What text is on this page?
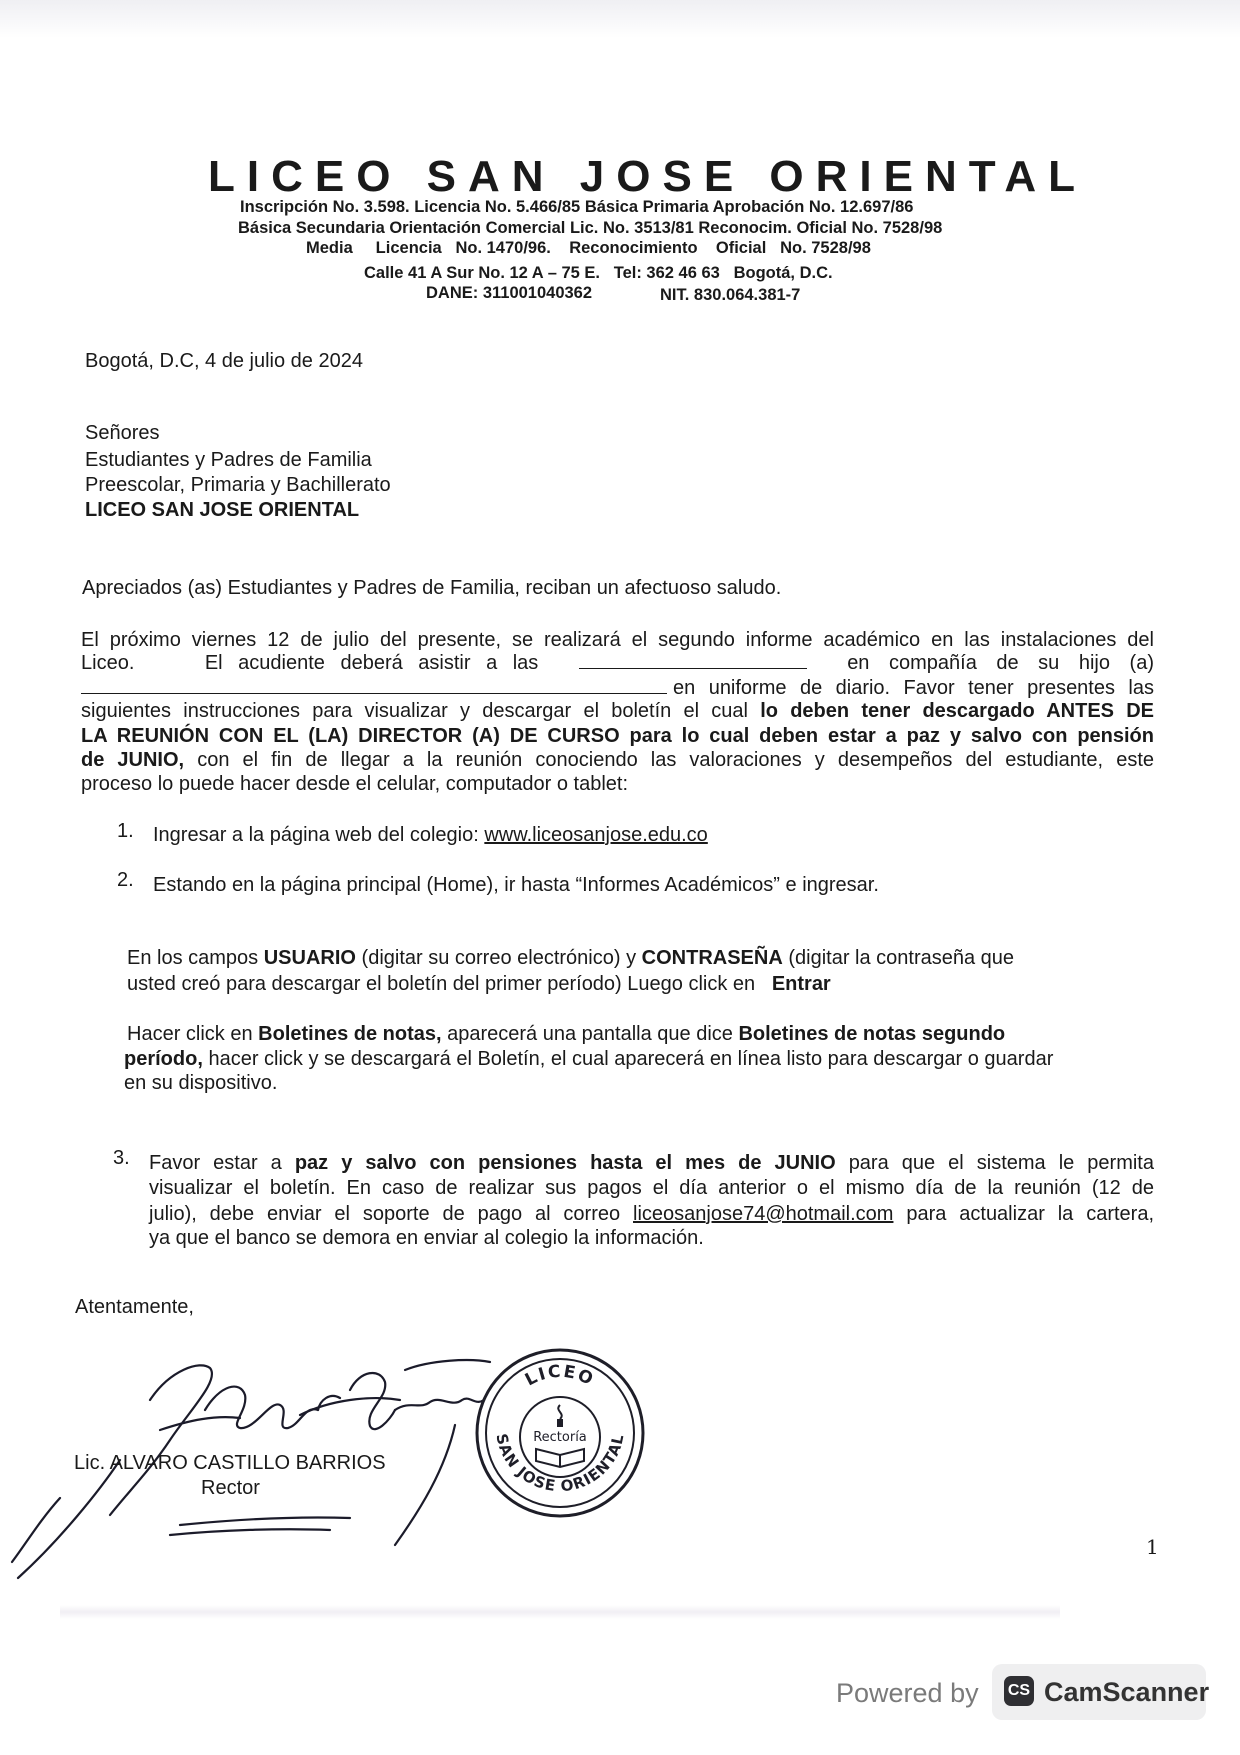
LICEO SAN JOSE ORIENTAL
Inscripción No. 3.598. Licencia No. 5.466/85 Básica Primaria Aprobación No. 12.697/86
Básica Secundaria Orientación Comercial Lic. No. 3513/81 Reconocim. Oficial No. 7528/98
Media     Licencia   No. 1470/96.    Reconocimiento    Oficial   No. 7528/98
Calle 41 A Sur No. 12 A – 75 E.   Tel: 362 46 63   Bogotá, D.C.
DANE: 311001040362	NIT. 830.064.381-7
Bogotá, D.C, 4 de julio de 2024
Señores
Estudiantes y Padres de Familia
Preescolar, Primaria y Bachillerato
LICEO SAN JOSE ORIENTAL
Apreciados (as) Estudiantes y Padres de Familia, reciban un afectuoso saludo.
El próximo viernes 12 de julio del presente, se realizará el segundo informe académico en las instalaciones del
Liceo.	El acudiente deberá asistir a las	en compañía de su hijo (a)
en uniforme de diario. Favor tener presentes las
siguientes instrucciones para visualizar y descargar el boletín el cual lo deben tener descargado ANTES DE
LA REUNIÓN CON EL (LA) DIRECTOR (A) DE CURSO para lo cual deben estar a paz y salvo con pensión
de JUNIO, con el fin de llegar a la reunión conociendo las valoraciones y desempeños del estudiante, este
proceso lo puede hacer desde el celular, computador o tablet:
1. Ingresar a la página web del colegio: www.liceosanjose.edu.co
2. Estando en la página principal (Home), ir hasta “Informes Académicos” e ingresar.
En los campos USUARIO (digitar su correo electrónico) y CONTRASEÑA (digitar la contraseña que
usted creó para descargar el boletín del primer período) Luego click en Entrar
Hacer click en Boletines de notas, aparecerá una pantalla que dice Boletines de notas segundo
período, hacer click y se descargará el Boletín, el cual aparecerá en línea listo para descargar o guardar
en su dispositivo.
3. Favor estar a paz y salvo con pensiones hasta el mes de JUNIO para que el sistema le permita
visualizar el boletín. En caso de realizar sus pagos el día anterior o el mismo día de la reunión (12 de
julio), debe enviar el soporte de pago al correo liceosanjose74@hotmail.com para actualizar la cartera,
ya que el banco se demora en enviar al colegio la información.
Atentamente,
Lic. ALVARO CASTILLO BARRIOS
Rector
LICEO
SAN JOSE ORIENTAL
Rectoría
1
Powered by CS CamScanner
